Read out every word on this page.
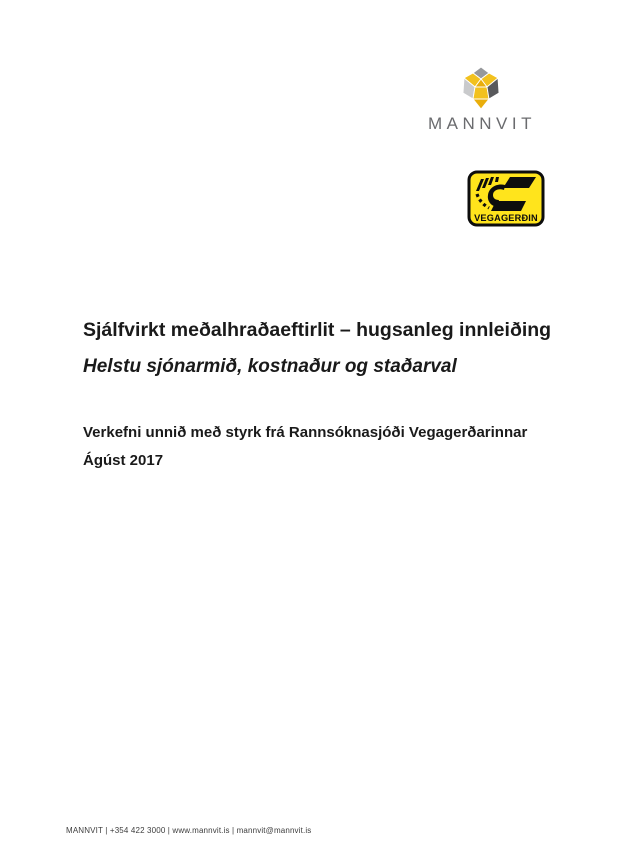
MANNVIT
VEGAGERÐIN
Sjálfvirkt meðalhraðaeftirlit – hugsanleg innleiðing
Helstu sjónarmið, kostnaður og staðarval
Verkefni unnið með styrk frá Rannsóknasjóði Vegagerðarinnar
Ágúst 2017
MANNVIT | +354 422 3000 | www.mannvit.is | mannvit@mannvit.is
